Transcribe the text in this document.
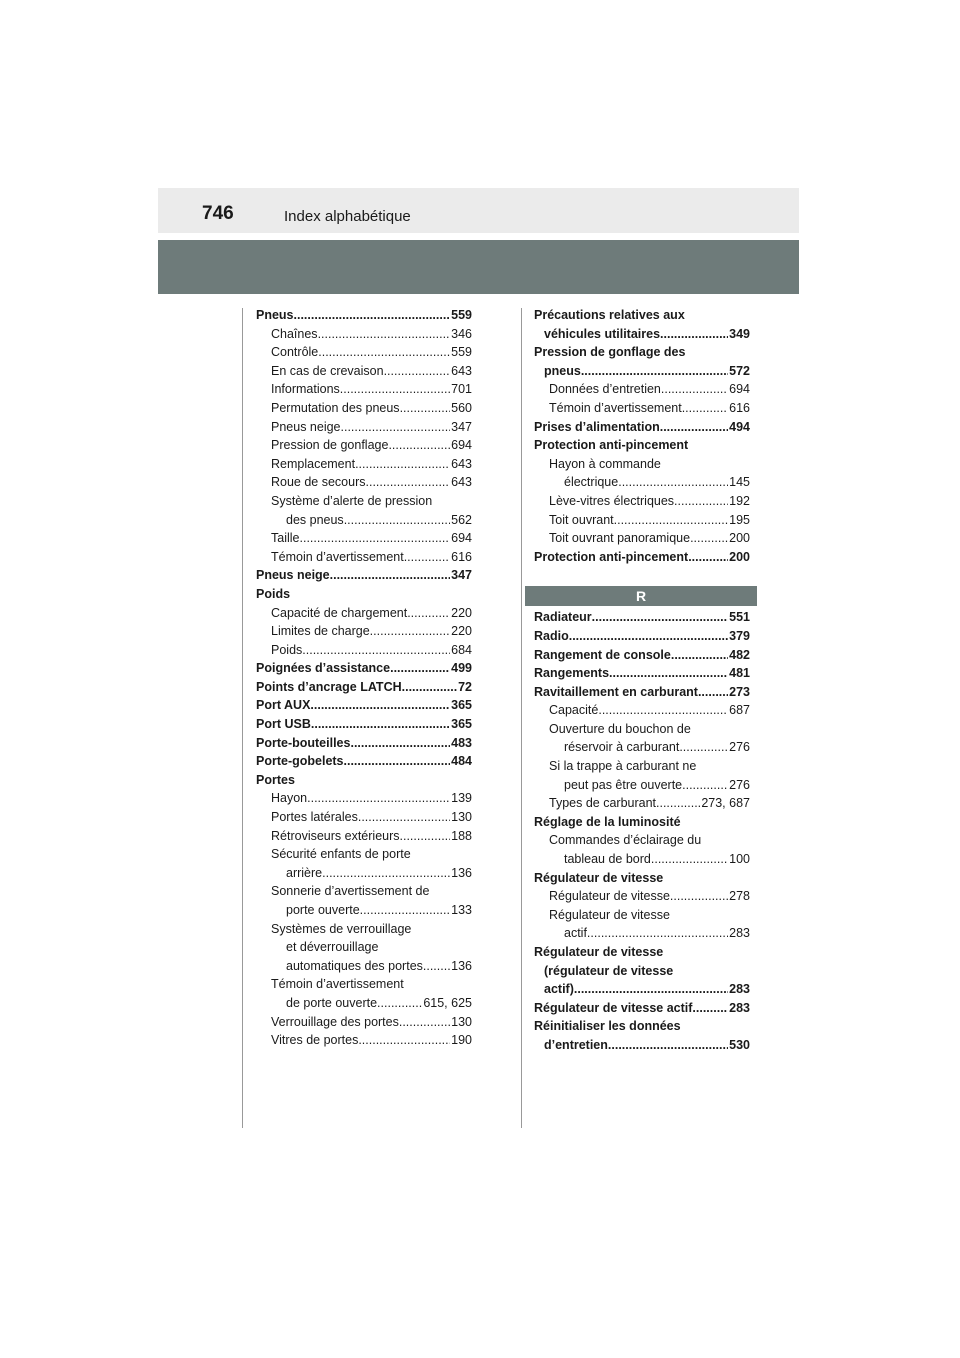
746	Index alphabétique
Pneus .....	559
Chaînes .....	346
Contrôle .....	559
En cas de crevaison .....	643
Informations .....	701
Permutation des pneus .....	560
Pneus neige .....	347
Pression de gonflage .....	694
Remplacement. .....	643
Roue de secours. .....	643
Système d’alerte de pression
des pneus .....	562
Taille .....	694
Témoin d’avertissement. .....	616
Pneus neige .....	347
Poids
Capacité de chargement. .....	220
Limites de charge .....	220
Poids .....	684
Poignées d’assistance .....	499
Points d’ancrage LATCH .....	72
Port AUX .....	365
Port USB .....	365
Porte-bouteilles .....	483
Porte-gobelets .....	484
Portes
Hayon .....	139
Portes latérales .....	130
Rétroviseurs extérieurs .....	188
Sécurité enfants de porte
arrière .....	136
Sonnerie d’avertissement de
porte ouverte .....	133
Systèmes de verrouillage
et déverrouillage
automatiques des portes ..... 136
Témoin d’avertissement
de porte ouverte .....	615, 625
Verrouillage des portes .....	130
Vitres de portes. .....	190
Précautions relatives aux
véhicules utilitaires. .....	349
Pression de gonflage des
pneus .....	572
Données d’entretien .....	694
Témoin d’avertissement .....	616
Prises d’alimentation .....	494
Protection anti-pincement
Hayon à commande
électrique. .....	145
Lève-vitres électriques. .....	192
Toit ouvrant. .....	195
Toit ouvrant panoramique .....	200
Protection anti-pincement .....	200
R
Radiateur .....	551
Radio .....	379
Rangement de console .....	482
Rangements .....	481
Ravitaillement en carburant ..... 273
Capacité .....	687
Ouverture du bouchon de
réservoir à carburant .....	276
Si la trappe à carburant ne
peut pas être ouverte .....	276
Types de carburant. .....	273, 687
Réglage de la luminosité
Commandes d’éclairage du
tableau de bord .....	100
Régulateur de vitesse
Régulateur de vitesse .....	278
Régulateur de vitesse
actif. .....	283
Régulateur de vitesse
(régulateur de vitesse
actif) .....	283
Régulateur de vitesse actif .....	283
Réinitialiser les données
d’entretien. .....	530
